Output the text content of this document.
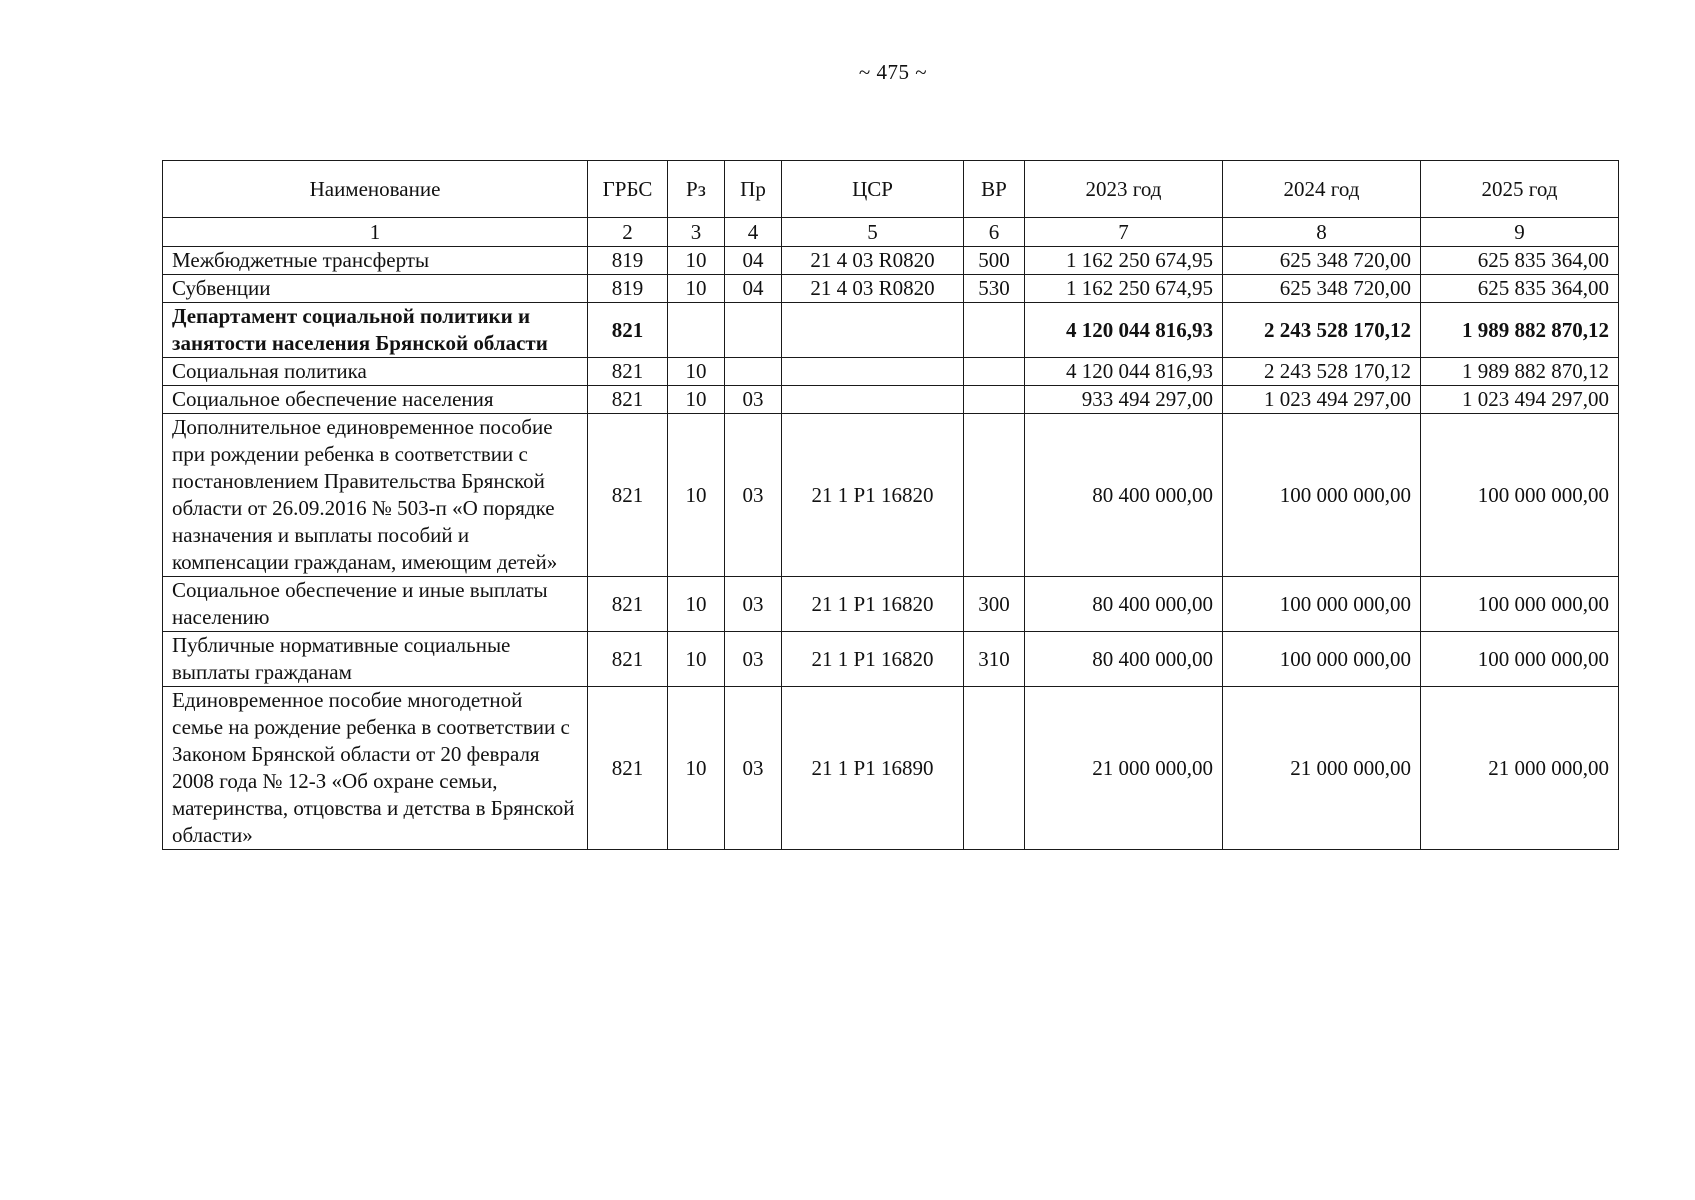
~ 475 ~
Наименование	ГРБС	Рз	Пр	ЦСР	ВР	2023 год	2024 год	2025 год
1	2	3	4	5	6	7	8	9
Межбюджетные трансферты	819	10	04	21 4 03 R0820	500	1 162 250 674,95	625 348 720,00	625 835 364,00
Субвенции	819	10	04	21 4 03 R0820	530	1 162 250 674,95	625 348 720,00	625 835 364,00
Департамент социальной политики и занятости населения Брянской области	821					4 120 044 816,93	2 243 528 170,12	1 989 882 870,12
Социальная политика	821	10				4 120 044 816,93	2 243 528 170,12	1 989 882 870,12
Социальное обеспечение населения	821	10	03			933 494 297,00	1 023 494 297,00	1 023 494 297,00
Дополнительное единовременное пособие при рождении ребенка в соответствии с постановлением Правительства Брянской области от 26.09.2016 № 503-п «О порядке назначения и выплаты пособий и компенсации гражданам, имеющим детей»	821	10	03	21 1 P1 16820		80 400 000,00	100 000 000,00	100 000 000,00
Социальное обеспечение и иные выплаты населению	821	10	03	21 1 P1 16820	300	80 400 000,00	100 000 000,00	100 000 000,00
Публичные нормативные социальные выплаты гражданам	821	10	03	21 1 P1 16820	310	80 400 000,00	100 000 000,00	100 000 000,00
Единовременное пособие многодетной семье на рождение ребенка в соответствии с Законом Брянской области от 20 февраля 2008 года № 12-З «Об охране семьи, материнства, отцовства и детства в Брянской области»	821	10	03	21 1 P1 16890		21 000 000,00	21 000 000,00	21 000 000,00
